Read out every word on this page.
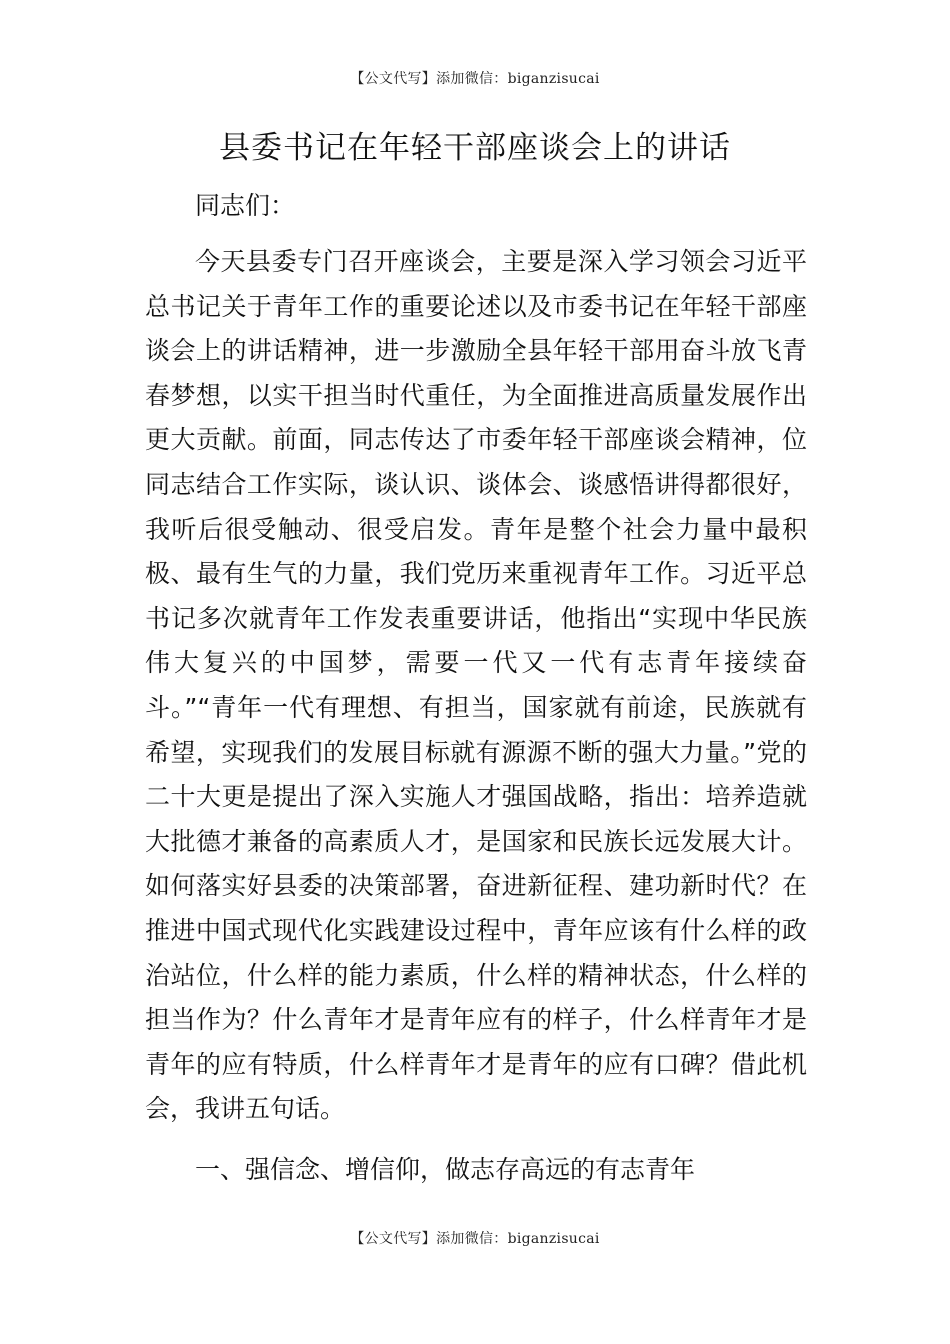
【公文代写】添加微信：biganzisucai
县委书记在年轻干部座谈会上的讲话

同志们：

今天县委专门召开座谈会，主要是深入学习领会习近平总书记关于青年工作的重要论述以及市委书记在年轻干部座谈会上的讲话精神，进一步激励全县年轻干部用奋斗放飞青春梦想，以实干担当时代重任，为全面推进高质量发展作出更大贡献。前面，同志传达了市委年轻干部座谈会精神，位同志结合工作实际，谈认识、谈体会、谈感悟讲得都很好，我听后很受触动、很受启发。青年是整个社会力量中最积极、最有生气的力量，我们党历来重视青年工作。习近平总书记多次就青年工作发表重要讲话，他指出“实现中华民族伟大复兴的中国梦，需要一代又一代有志青年接续奋斗。”“青年一代有理想、有担当，国家就有前途，民族就有希望，实现我们的发展目标就有源源不断的强大力量。”党的二十大更是提出了深入实施人才强国战略，指出：培养造就大批德才兼备的高素质人才，是国家和民族长远发展大计。如何落实好县委的决策部署，奋进新征程、建功新时代？在推进中国式现代化实践建设过程中，青年应该有什么样的政治站位，什么样的能力素质，什么样的精神状态，什么样的担当作为？什么青年才是青年应有的样子，什么样青年才是青年的应有特质，什么样青年才是青年的应有口碑？借此机会，我讲五句话。

一、强信念、增信仰，做志存高远的有志青年

【公文代写】添加微信：biganzisucai
